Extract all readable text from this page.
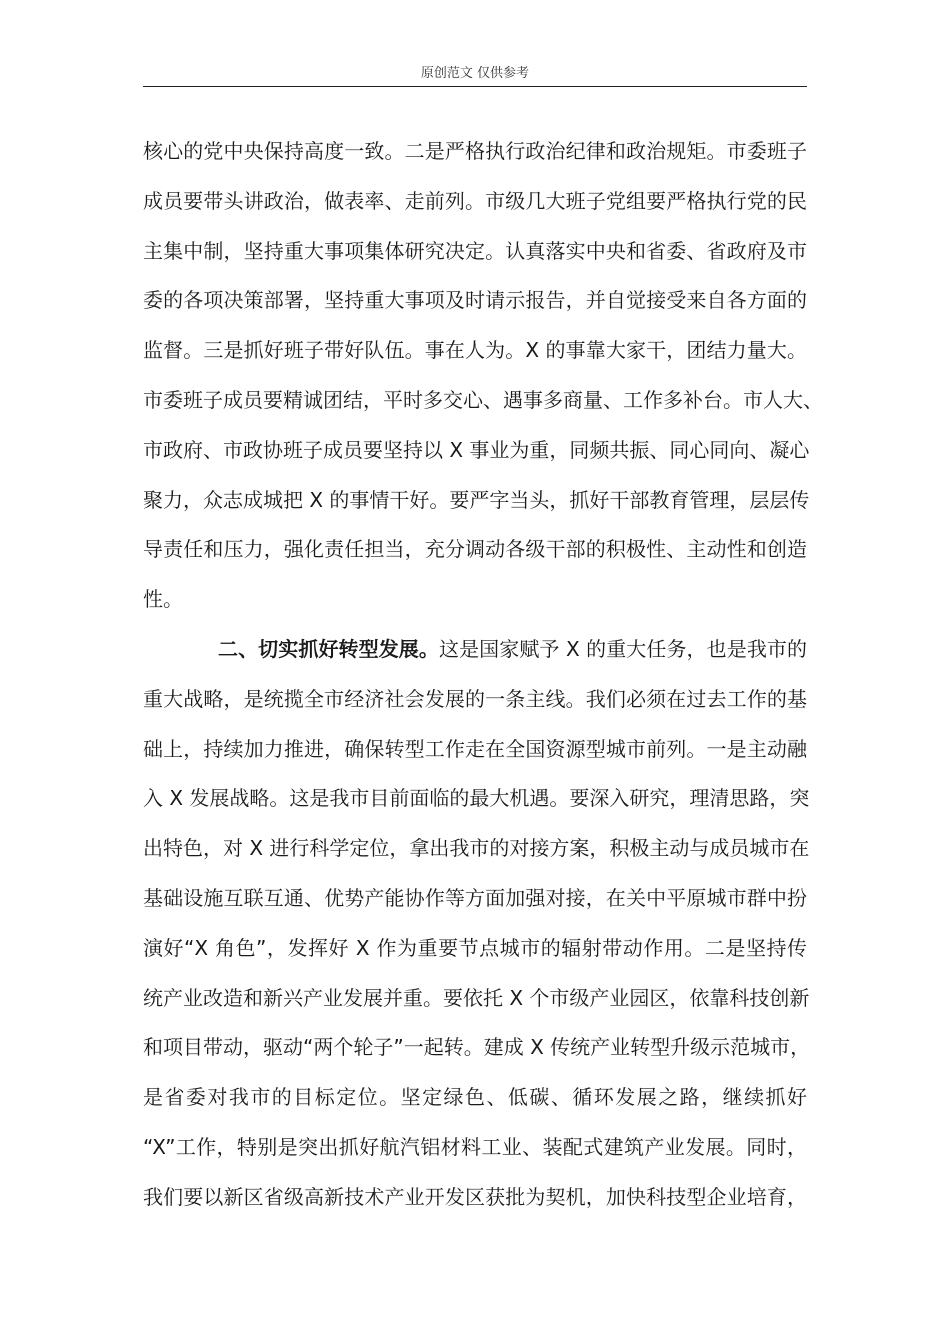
原创范文 仅供参考
核心的党中央保持高度一致。二是严格执行政治纪律和政治规矩。市委班子
成员要带头讲政治，做表率、走前列。市级几大班子党组要严格执行党的民
主集中制，坚持重大事项集体研究决定。认真落实中央和省委、省政府及市
委的各项决策部署，坚持重大事项及时请示报告，并自觉接受来自各方面的
监督。三是抓好班子带好队伍。事在人为。X 的事靠大家干，团结力量大。
市委班子成员要精诚团结，平时多交心、遇事多商量、工作多补台。市人大、
市政府、市政协班子成员要坚持以 X 事业为重，同频共振、同心同向、凝心
聚力，众志成城把 X 的事情干好。要严字当头，抓好干部教育管理，层层传
导责任和压力，强化责任担当，充分调动各级干部的积极性、主动性和创造
性。
二、切实抓好转型发展。这是国家赋予 X 的重大任务，也是我市的
重大战略，是统揽全市经济社会发展的一条主线。我们必须在过去工作的基
础上，持续加力推进，确保转型工作走在全国资源型城市前列。一是主动融
入 X 发展战略。这是我市目前面临的最大机遇。要深入研究，理清思路，突
出特色，对 X 进行科学定位，拿出我市的对接方案，积极主动与成员城市在
基础设施互联互通、优势产能协作等方面加强对接，在关中平原城市群中扮
演好“X 角色”，发挥好 X 作为重要节点城市的辐射带动作用。二是坚持传
统产业改造和新兴产业发展并重。要依托 X 个市级产业园区，依靠科技创新
和项目带动，驱动“两个轮子”一起转。建成 X 传统产业转型升级示范城市，
是省委对我市的目标定位。坚定绿色、低碳、循环发展之路，继续抓好
“X”工作，特别是突出抓好航汽铝材料工业、装配式建筑产业发展。同时，
我们要以新区省级高新技术产业开发区获批为契机，加快科技型企业培育，
